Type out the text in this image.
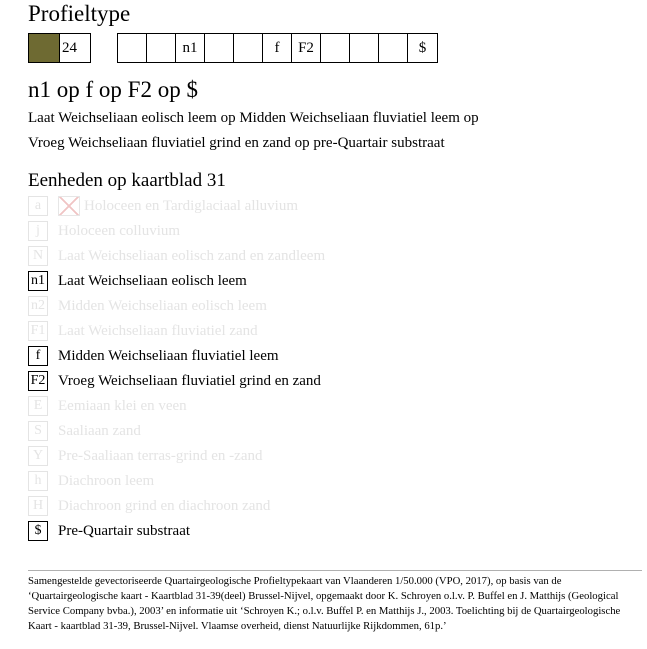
Profieltype
24	n1	f	F2	$
n1 op f op F2 op $
Laat Weichseliaan eolisch leem op Midden Weichseliaan fluviatiel leem op
Vroeg Weichseliaan fluviatiel grind en zand op pre-Quartair substraat
Eenheden op kaartblad 31
a	Holoceen en Tardiglaciaal alluvium
j	Holoceen colluvium
N Laat Weichseliaan eolisch zand en zandleem
n1 Laat Weichseliaan eolisch leem
n2 Midden Weichseliaan eolisch leem
F1 Laat Weichseliaan fluviatiel zand
f	Midden Weichseliaan fluviatiel leem
F2 Vroeg Weichseliaan fluviatiel grind en zand
E	Eemiaan klei en veen
S	Saaliaan zand
Y Pre-Saaliaan terras-grind en -zand
h	Diachroon leem
H Diachroon grind en diachroon zand
$	Pre-Quartair substraat
Samengestelde gevectoriseerde Quartairgeologische Profieltypekaart van Vlaanderen 1/50.000 (VPO, 2017), op basis van de ‘Quartairgeologische kaart - Kaartblad 31-39(deel) Brussel-Nijvel, opgemaakt door K. Schroyen o.l.v. P. Buffel en J. Matthijs (Geological Service Company bvba.), 2003’ en informatie uit ‘Schroyen K.; o.l.v. Buffel P. en Matthijs J., 2003. Toelichting bij de Quartairgeologische Kaart - kaartblad 31-39, Brussel-Nijvel. Vlaamse overheid, dienst Natuurlijke Rijkdommen, 61p.’
